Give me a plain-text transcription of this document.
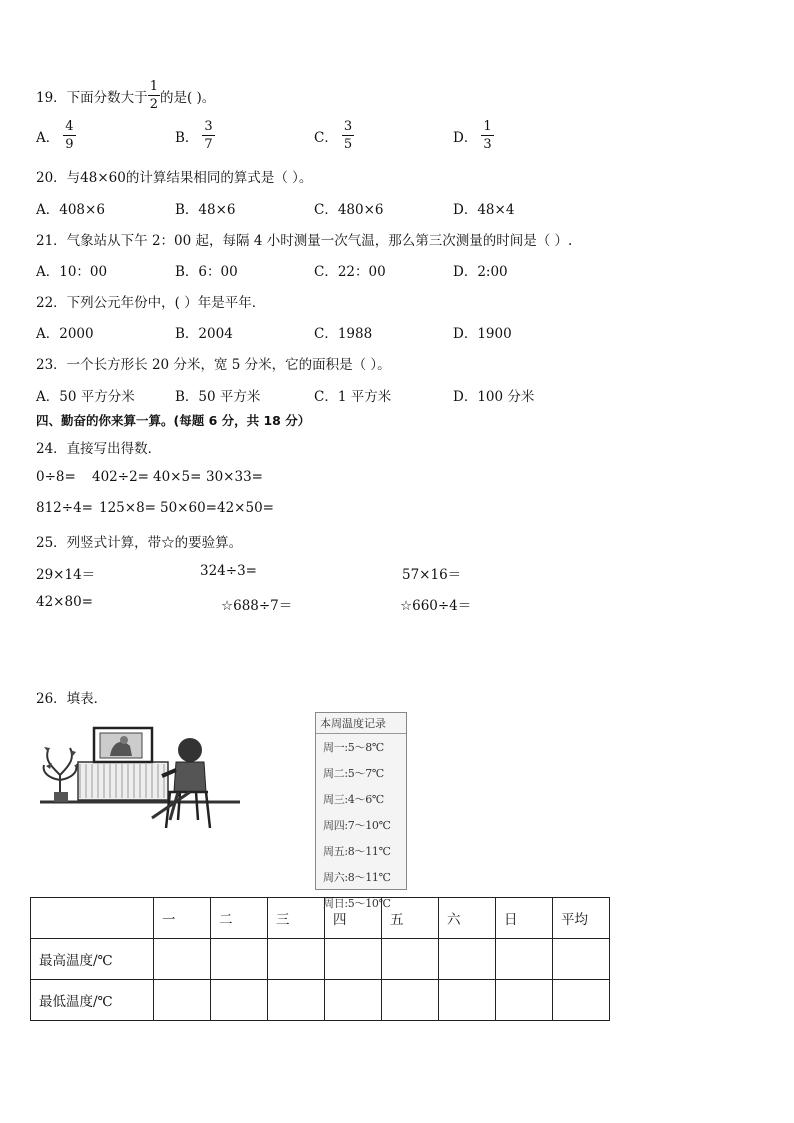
19．下面分数大于 $\frac{1}{2}$ 的是( )。
A． $\frac{4}{9}$	B． $\frac{3}{7}$	C． $\frac{3}{5}$	D． $\frac{1}{3}$
20．与48×60的计算结果相同的算式是（ ）。
A．408×6	B．48×6	C．480×6	D．48×4
21．气象站从下午 2：00 起，每隔 4 小时测量一次气温，那么第三次测量的时间是（ ）.
A．10：00	B．6：00	C．22：00	D．2:00
22．下列公元年份中，( ）年是平年．
A．2000	B．2004	C．1988	D．1900
23．一个长方形长 20 分米，宽 5 分米，它的面积是（ ）。
A．50 平方分米	B．50 平方米	C．1 平方米	D．100 分米
四、勤奋的你来算一算。(每题 6 分，共 18 分）
24．直接写出得数．
0÷8= 402÷2= 40×5= 30×33=
812÷4= 125×8= 50×60= 42×50=
25．列竖式计算，带☆的要验算。
29×14＝	324÷3=	57×16＝
42×80=	☆688÷7＝	☆660÷4＝
26．填表．
本周温度记录
周一:5～8℃
周二:5～7℃
周三:4～6℃
周四:7～10℃
周五:8～11℃
周六:8～11℃
周日:5～10℃
	一	二	三	四	五	六	日	平均
最高温度/℃								
最低温度/℃								
